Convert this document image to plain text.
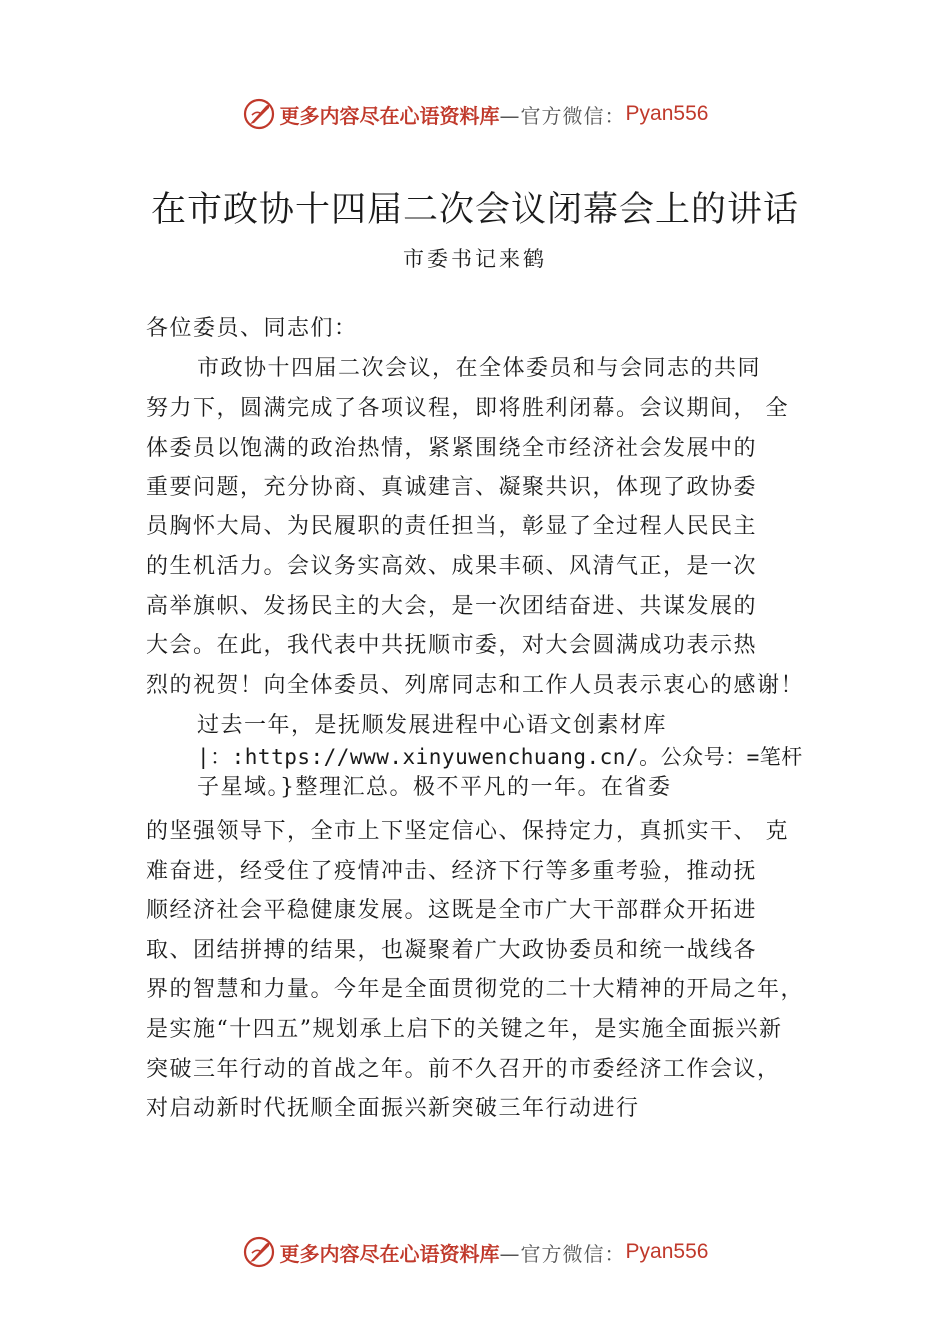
更多内容尽在心语资料库 —官方微信： Pyan556
在市政协十四届二次会议闭幕会上的讲话
市委书记来鹤
各位委员、同志们：
市政协十四届二次会议，在全体委员和与会同志的共同
努力下，圆满完成了各项议程，即将胜利闭幕。会议期间， 全
体委员以饱满的政治热情，紧紧围绕全市经济社会发展中的
重要问题，充分协商、真诚建言、凝聚共识，体现了政协委
员胸怀大局、为民履职的责任担当，彰显了全过程人民民主
的生机活力。会议务实高效、成果丰硕、风清气正，是一次
高举旗帜、发扬民主的大会，是一次团结奋进、共谋发展的
大会。在此，我代表中共抚顺市委，对大会圆满成功表示热
烈的祝贺！向全体委员、列席同志和工作人员表示衷心的感谢！
过去一年，是抚顺发展进程中心语文创素材库
|：:https://www.xinyuwenchuang.cn/。公众号：=笔杆
子星域。}整理汇总。极不平凡的一年。在省委
的坚强领导下，全市上下坚定信心、保持定力，真抓实干、 克
难奋进，经受住了疫情冲击、经济下行等多重考验，推动抚
顺经济社会平稳健康发展。这既是全市广大干部群众开拓进
取、团结拼搏的结果，也凝聚着广大政协委员和统一战线各
界的智慧和力量。今年是全面贯彻党的二十大精神的开局之年，
是实施“十四五”规划承上启下的关键之年，是实施全面振兴新
突破三年行动的首战之年。前不久召开的市委经济工作会议，
对启动新时代抚顺全面振兴新突破三年行动进行
更多内容尽在心语资料库 —官方微信： Pyan556
